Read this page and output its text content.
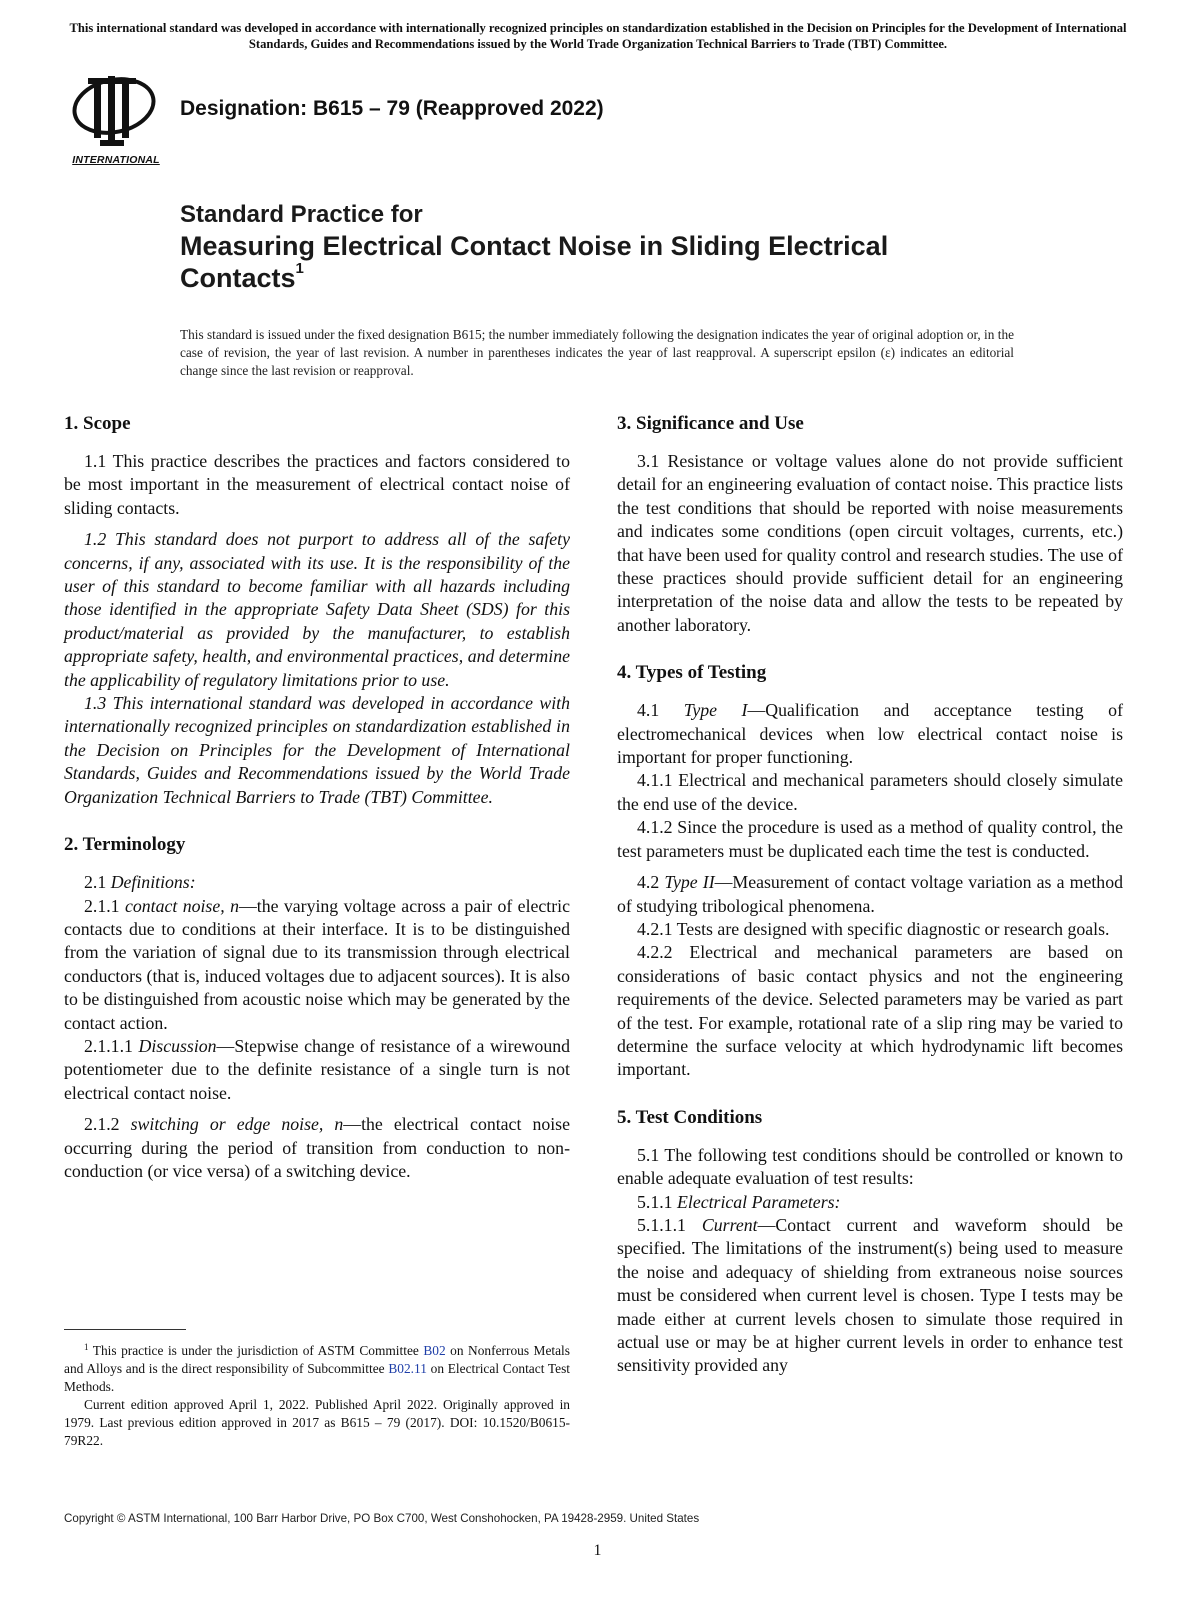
This international standard was developed in accordance with internationally recognized principles on standardization established in the Decision on Principles for the Development of International Standards, Guides and Recommendations issued by the World Trade Organization Technical Barriers to Trade (TBT) Committee.
INTERNATIONAL
Designation: B615 – 79 (Reapproved 2022)
Standard Practice for
Measuring Electrical Contact Noise in Sliding Electrical Contacts$^1$
This standard is issued under the fixed designation B615; the number immediately following the designation indicates the year of original adoption or, in the case of revision, the year of last revision. A number in parentheses indicates the year of last reapproval. A superscript epsilon (ε) indicates an editorial change since the last revision or reapproval.
1. Scope

1.1 This practice describes the practices and factors considered to be most important in the measurement of electrical contact noise of sliding contacts.

1.2 This standard does not purport to address all of the safety concerns, if any, associated with its use. It is the responsibility of the user of this standard to become familiar with all hazards including those identified in the appropriate Safety Data Sheet (SDS) for this product/material as provided by the manufacturer, to establish appropriate safety, health, and environmental practices, and determine the applicability of regulatory limitations prior to use.

1.3 This international standard was developed in accordance with internationally recognized principles on standardization established in the Decision on Principles for the Development of International Standards, Guides and Recommendations issued by the World Trade Organization Technical Barriers to Trade (TBT) Committee.

2. Terminology

2.1 Definitions:

2.1.1 contact noise, n—the varying voltage across a pair of electric contacts due to conditions at their interface. It is to be distinguished from the variation of signal due to its transmission through electrical conductors (that is, induced voltages due to adjacent sources). It is also to be distinguished from acoustic noise which may be generated by the contact action.

2.1.1.1 Discussion—Stepwise change of resistance of a wirewound potentiometer due to the definite resistance of a single turn is not electrical contact noise.

2.1.2 switching or edge noise, n—the electrical contact noise occurring during the period of transition from conduction to non-conduction (or vice versa) of a switching device.

3. Significance and Use

3.1 Resistance or voltage values alone do not provide sufficient detail for an engineering evaluation of contact noise. This practice lists the test conditions that should be reported with noise measurements and indicates some conditions (open circuit voltages, currents, etc.) that have been used for quality control and research studies. The use of these practices should provide sufficient detail for an engineering interpretation of the noise data and allow the tests to be repeated by another laboratory.

4. Types of Testing

4.1 Type I—Qualification and acceptance testing of electromechanical devices when low electrical contact noise is important for proper functioning.

4.1.1 Electrical and mechanical parameters should closely simulate the end use of the device.

4.1.2 Since the procedure is used as a method of quality control, the test parameters must be duplicated each time the test is conducted.

4.2 Type II—Measurement of contact voltage variation as a method of studying tribological phenomena.

4.2.1 Tests are designed with specific diagnostic or research goals.

4.2.2 Electrical and mechanical parameters are based on considerations of basic contact physics and not the engineering requirements of the device. Selected parameters may be varied as part of the test. For example, rotational rate of a slip ring may be varied to determine the surface velocity at which hydrodynamic lift becomes important.

5. Test Conditions

5.1 The following test conditions should be controlled or known to enable adequate evaluation of test results:

5.1.1 Electrical Parameters:

5.1.1.1 Current—Contact current and waveform should be specified. The limitations of the instrument(s) being used to measure the noise and adequacy of shielding from extraneous noise sources must be considered when current level is chosen. Type I tests may be made either at current levels chosen to simulate those required in actual use or may be at higher current levels in order to enhance test sensitivity provided any

$^1$ This practice is under the jurisdiction of ASTM Committee B02 on Nonferrous Metals and Alloys and is the direct responsibility of Subcommittee B02.11 on Electrical Contact Test Methods.

Current edition approved April 1, 2022. Published April 2022. Originally approved in 1979. Last previous edition approved in 2017 as B615 – 79 (2017). DOI: 10.1520/B0615-79R22.

Copyright © ASTM International, 100 Barr Harbor Drive, PO Box C700, West Conshohocken, PA 19428-2959. United States
1
